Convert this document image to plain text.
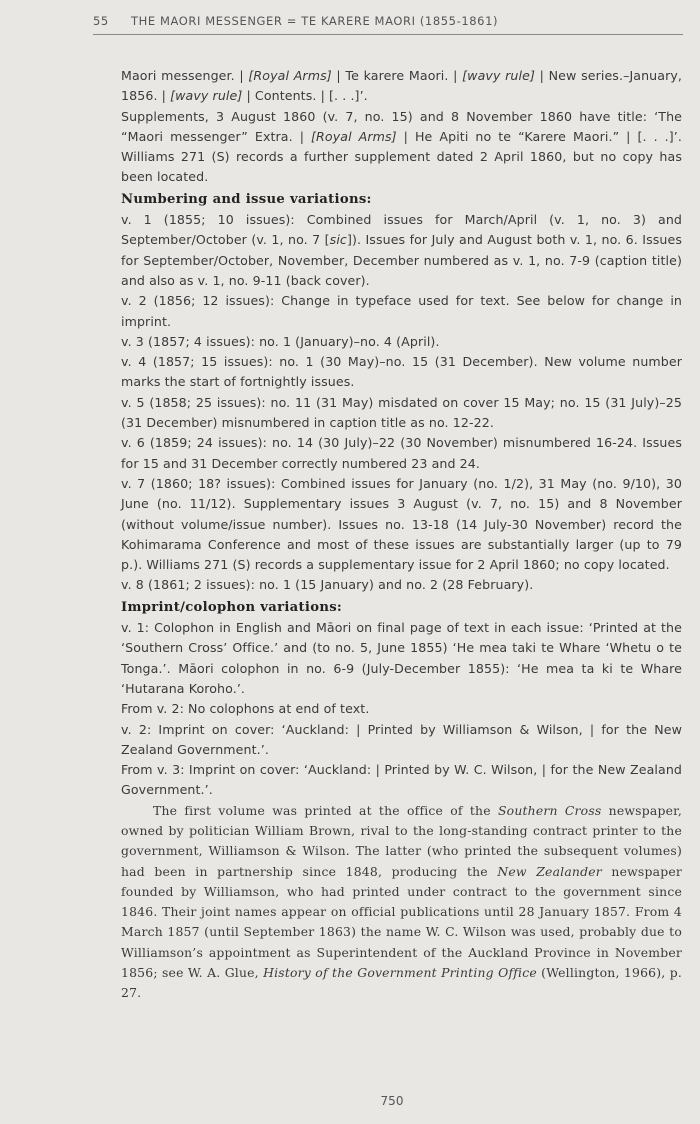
55 THE MAORI MESSENGER = TE KARERE MAORI (1855-1861)

Maori messenger. | [Royal Arms] | Te karere Maori. | [wavy rule] | New series.–January, 1856. | [wavy rule] | Contents. | [. . .]’.

Supplements, 3 August 1860 (v. 7, no. 15) and 8 November 1860 have title: ‘The “Maori messenger” Extra. | [Royal Arms] | He Apiti no te “Karere Maori.” | [. . .]’. Williams 271 (S) records a further supplement dated 2 April 1860, but no copy has been located.

Numbering and issue variations:

v. 1 (1855; 10 issues): Combined issues for March/April (v. 1, no. 3) and September/October (v. 1, no. 7 [sic]). Issues for July and August both v. 1, no. 6. Issues for September/October, November, December numbered as v. 1, no. 7-9 (caption title) and also as v. 1, no. 9-11 (back cover).

v. 2 (1856; 12 issues): Change in typeface used for text. See below for change in imprint.

v. 3 (1857; 4 issues): no. 1 (January)–no. 4 (April).

v. 4 (1857; 15 issues): no. 1 (30 May)–no. 15 (31 December). New volume number marks the start of fortnightly issues.

v. 5 (1858; 25 issues): no. 11 (31 May) misdated on cover 15 May; no. 15 (31 July)–25 (31 December) misnumbered in caption title as no. 12-22.

v. 6 (1859; 24 issues): no. 14 (30 July)–22 (30 November) misnumbered 16-24. Issues for 15 and 31 December correctly numbered 23 and 24.

v. 7 (1860; 18? issues): Combined issues for January (no. 1/2), 31 May (no. 9/10), 30 June (no. 11/12). Supplementary issues 3 August (v. 7, no. 15) and 8 November (without volume/issue number). Issues no. 13-18 (14 July-30 November) record the Kohimarama Conference and most of these issues are substantially larger (up to 79 p.). Williams 271 (S) records a supplementary issue for 2 April 1860; no copy located.

v. 8 (1861; 2 issues): no. 1 (15 January) and no. 2 (28 February).

Imprint/colophon variations:

v. 1: Colophon in English and Māori on final page of text in each issue: ‘Printed at the ‘Southern Cross’ Office.’ and (to no. 5, June 1855) ‘He mea taki te Whare ‘Whetu o te Tonga.’. Māori colophon in no. 6-9 (July-December 1855): ‘He mea ta ki te Whare ‘Hutarana Koroho.’.

From v. 2: No colophons at end of text.

v. 2: Imprint on cover: ‘Auckland: | Printed by Williamson & Wilson, | for the New Zealand Government.’.

From v. 3: Imprint on cover: ‘Auckland: | Printed by W. C. Wilson, | for the New Zealand Government.’.

The first volume was printed at the office of the Southern Cross newspaper, owned by politician William Brown, rival to the long-standing contract printer to the government, Williamson & Wilson. The latter (who printed the subsequent volumes) had been in partnership since 1848, producing the New Zealander newspaper founded by Williamson, who had printed under contract to the government since 1846. Their joint names appear on official publications until 28 January 1857. From 4 March 1857 (until September 1863) the name W. C. Wilson was used, probably due to Williamson’s appointment as Superintendent of the Auckland Province in November 1856; see W. A. Glue, History of the Government Printing Office (Wellington, 1966), p. 27.

750
